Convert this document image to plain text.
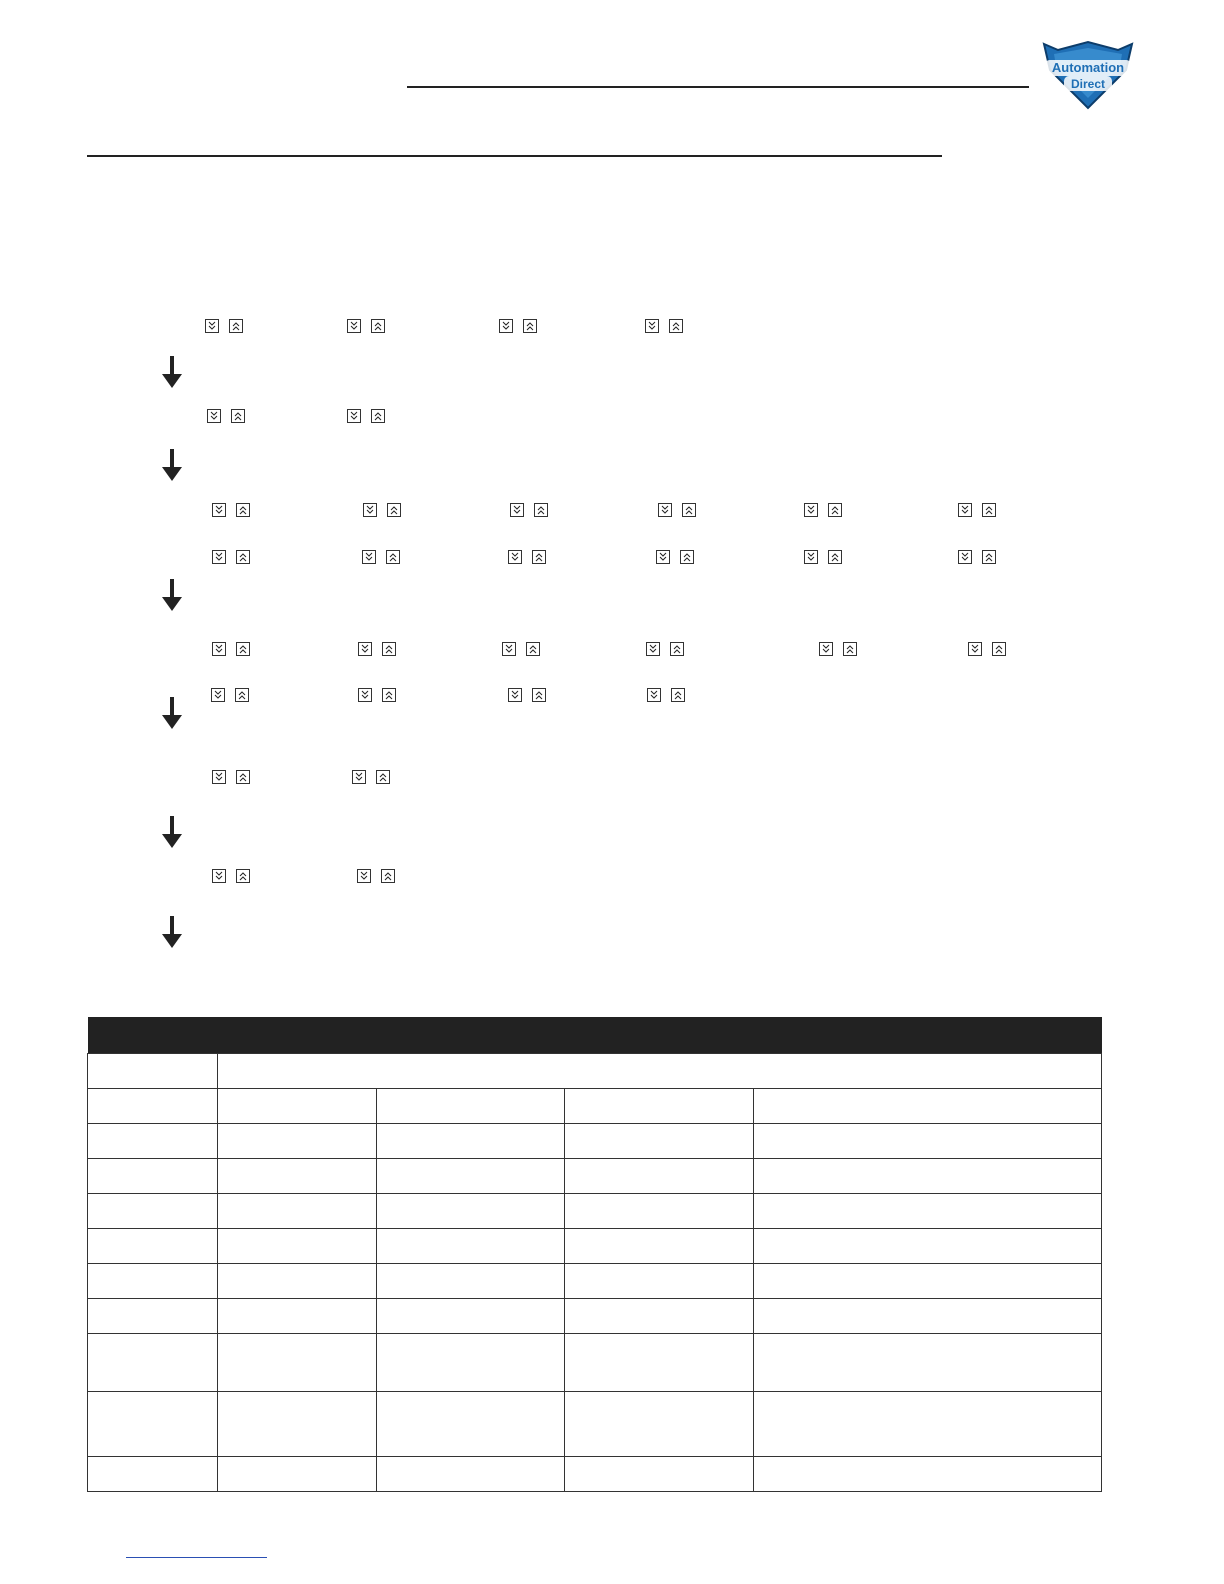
Automation
Direct
